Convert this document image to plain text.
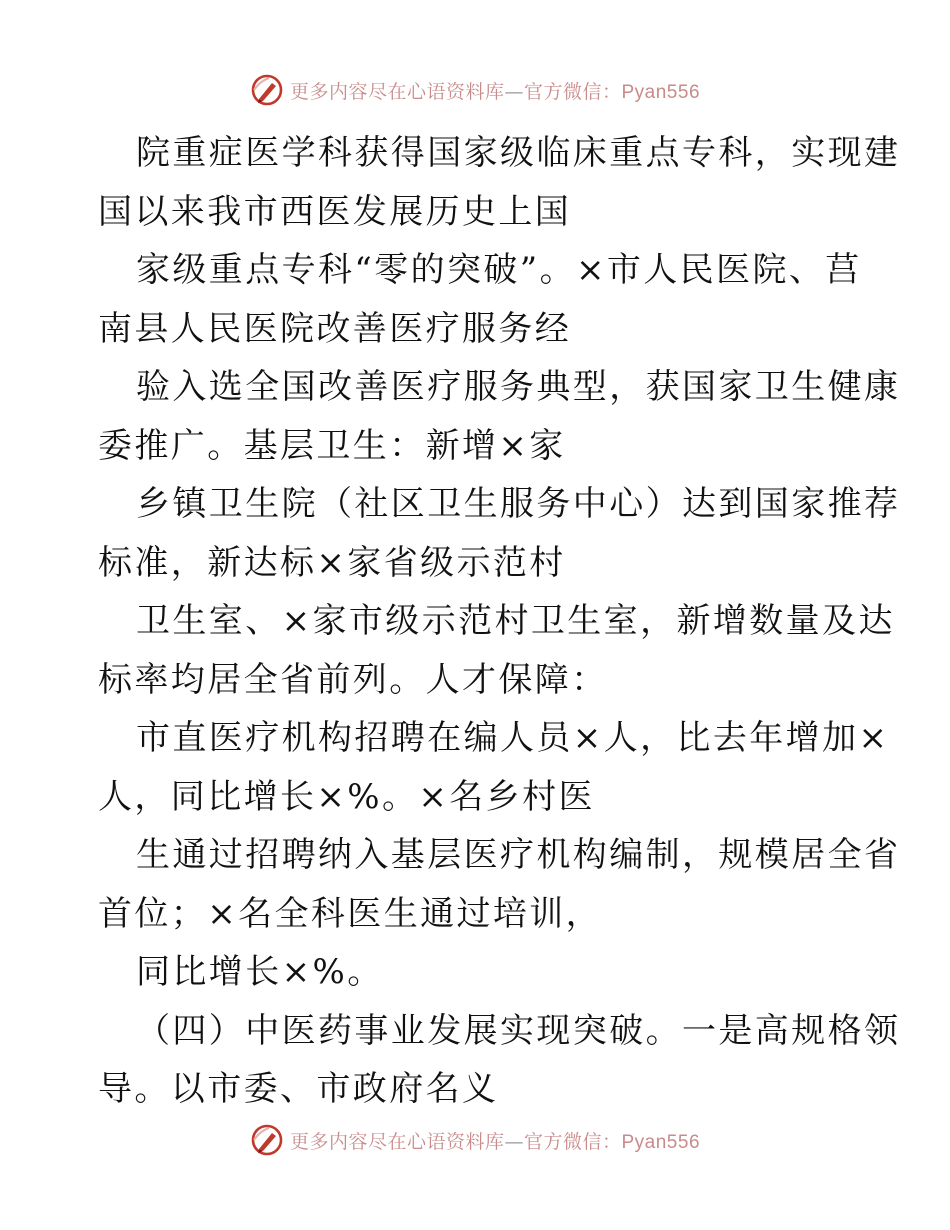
更多内容尽在心语资料库—官方微信：Pyan556
院重症医学科获得国家级临床重点专科，实现建
国以来我市西医发展历史上国
家级重点专科“零的突破”。×市人民医院、莒
南县人民医院改善医疗服务经
验入选全国改善医疗服务典型，获国家卫生健康
委推广。基层卫生：新增×家
乡镇卫生院（社区卫生服务中心）达到国家推荐
标准，新达标×家省级示范村
卫生室、×家市级示范村卫生室，新增数量及达
标率均居全省前列。人才保障：
市直医疗机构招聘在编人员×人，比去年增加×
人，同比增长×%。×名乡村医
生通过招聘纳入基层医疗机构编制，规模居全省
首位；×名全科医生通过培训，
同比增长×%。
（四）中医药事业发展实现突破。一是高规格领
导。以市委、市政府名义
更多内容尽在心语资料库—官方微信：Pyan556
